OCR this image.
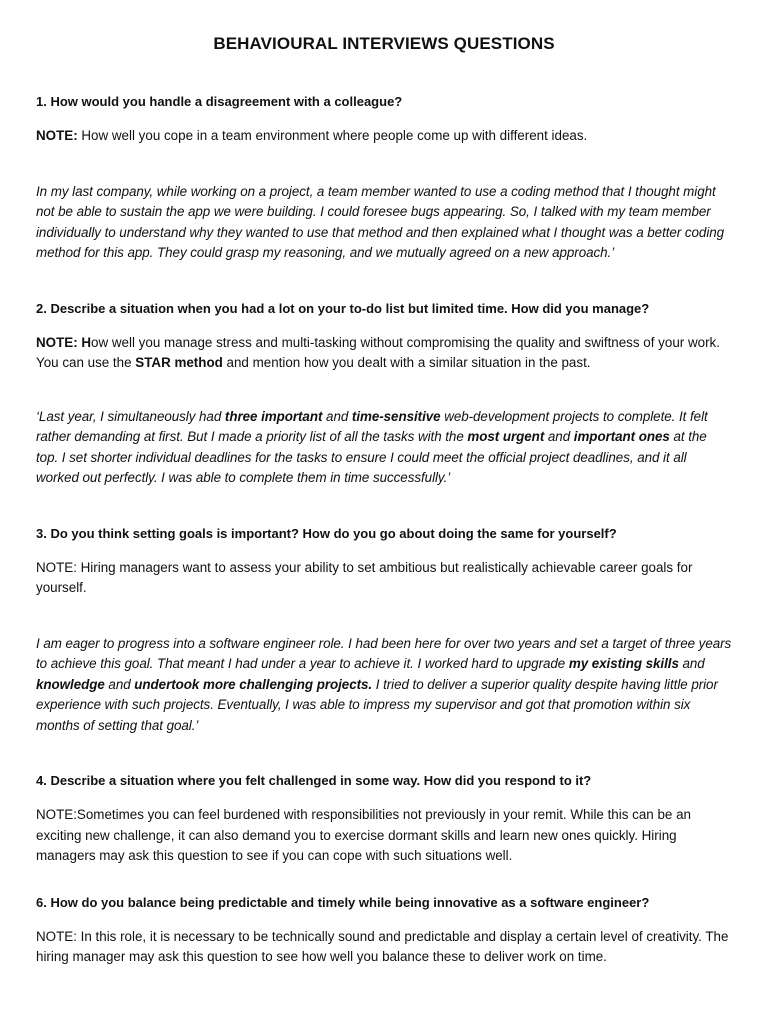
BEHAVIOURAL INTERVIEWS QUESTIONS

1. How would you handle a disagreement with a colleague?

NOTE: How well you cope in a team environment where people come up with different ideas.

In my last company, while working on a project, a team member wanted to use a coding method that I thought might not be able to sustain the app we were building. I could foresee bugs appearing. So, I talked with my team member individually to understand why they wanted to use that method and then explained what I thought was a better coding method for this app. They could grasp my reasoning, and we mutually agreed on a new approach.’

2. Describe a situation when you had a lot on your to-do list but limited time. How did you manage?

NOTE: How well you manage stress and multi-tasking without compromising the quality and swiftness of your work. You can use the STAR method and mention how you dealt with a similar situation in the past.

‘Last year, I simultaneously had three important and time-sensitive web-development projects to complete. It felt rather demanding at first. But I made a priority list of all the tasks with the most urgent and important ones at the top. I set shorter individual deadlines for the tasks to ensure I could meet the official project deadlines, and it all worked out perfectly. I was able to complete them in time successfully.’

3. Do you think setting goals is important? How do you go about doing the same for yourself?

NOTE: Hiring managers want to assess your ability to set ambitious but realistically achievable career goals for yourself.

I am eager to progress into a software engineer role. I had been here for over two years and set a target of three years to achieve this goal. That meant I had under a year to achieve it. I worked hard to upgrade my existing skills and knowledge and undertook more challenging projects. I tried to deliver a superior quality despite having little prior experience with such projects. Eventually, I was able to impress my supervisor and got that promotion within six months of setting that goal.’

4. Describe a situation where you felt challenged in some way. How did you respond to it?

NOTE:Sometimes you can feel burdened with responsibilities not previously in your remit. While this can be an exciting new challenge, it can also demand you to exercise dormant skills and learn new ones quickly. Hiring managers may ask this question to see if you can cope with such situations well.

6. How do you balance being predictable and timely while being innovative as a software engineer?

NOTE: In this role, it is necessary to be technically sound and predictable and display a certain level of creativity. The hiring manager may ask this question to see how well you balance these to deliver work on time.
